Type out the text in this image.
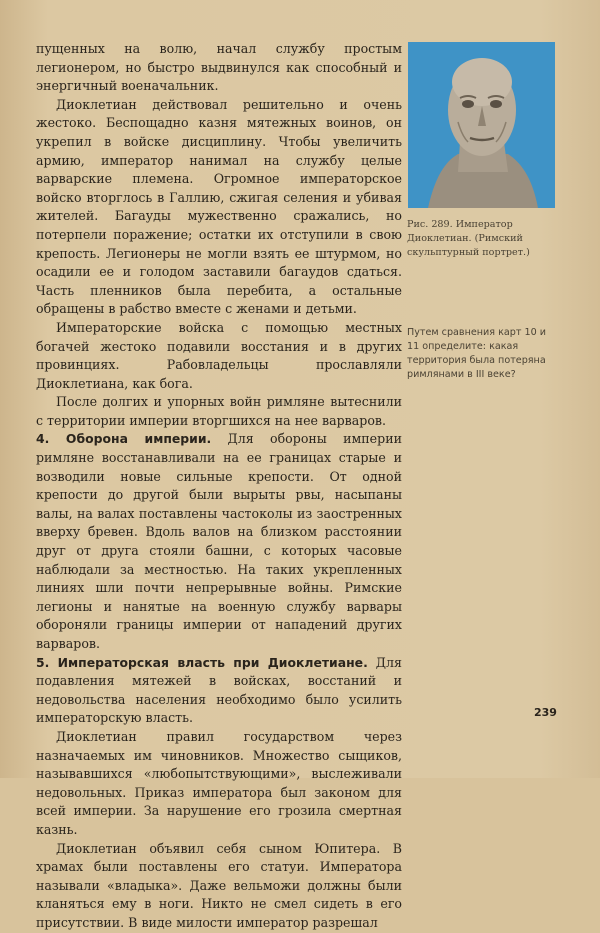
пущенных на волю, начал службу простым легионером, но быстро выдвинулся как способный и энергичный военачальник.

Диоклетиан действовал решительно и очень жестоко. Беспощадно казня мятежных воинов, он укрепил в войске дисциплину. Чтобы увеличить армию, император нанимал на службу целые варварские племена. Огромное императорское войско вторглось в Галлию, сжигая селения и убивая жителей. Багауды мужественно сражались, но потерпели поражение; остатки их отступили в свою крепость. Легионеры не могли взять ее штурмом, но осадили ее и голодом заставили багаудов сдаться. Часть пленников была перебита, а остальные обращены в рабство вместе с женами и детьми.

Императорские войска с помощью местных богачей жестоко подавили восстания и в других провинциях. Рабовладельцы прославляли Диоклетиана, как бога.

После долгих и упорных войн римляне вытеснили с территории империи вторгшихся на нее варваров.

4. Оборона империи. Для обороны империи римляне восстанавливали на ее границах старые и возводили новые сильные крепости. От одной крепости до другой были вырыты рвы, насыпаны валы, на валах поставлены частоколы из заостренных вверху бревен. Вдоль валов на близком расстоянии друг от друга стояли башни, с которых часовые наблюдали за местностью. На таких укрепленных линиях шли почти непрерывные войны. Римские легионы и нанятые на военную службу варвары обороняли границы империи от нападений других варваров.

5. Императорская власть при Диоклетиане. Для подавления мятежей в войсках, восстаний и недовольства населения необходимо было усилить императорскую власть.

Диоклетиан правил государством через назначаемых им чиновников. Множество сыщиков, называвшихся «любопытствующими», выслеживали недовольных. Приказ императора был законом для всей империи. За нарушение его грозила смертная казнь.

Диоклетиан объявил себя сыном Юпитера. В храмах были поставлены его статуи. Императора называли «владыка». Даже вельможи должны были кланяться ему в ноги. Никто не смел сидеть в его присутствии. В виде милости император разрешал

Рис. 289. Император Диоклетиан. (Римский скульптурный портрет.)
Путем сравнения карт 10 и 11 определите: какая территория была потеряна римлянами в III веке?
239
